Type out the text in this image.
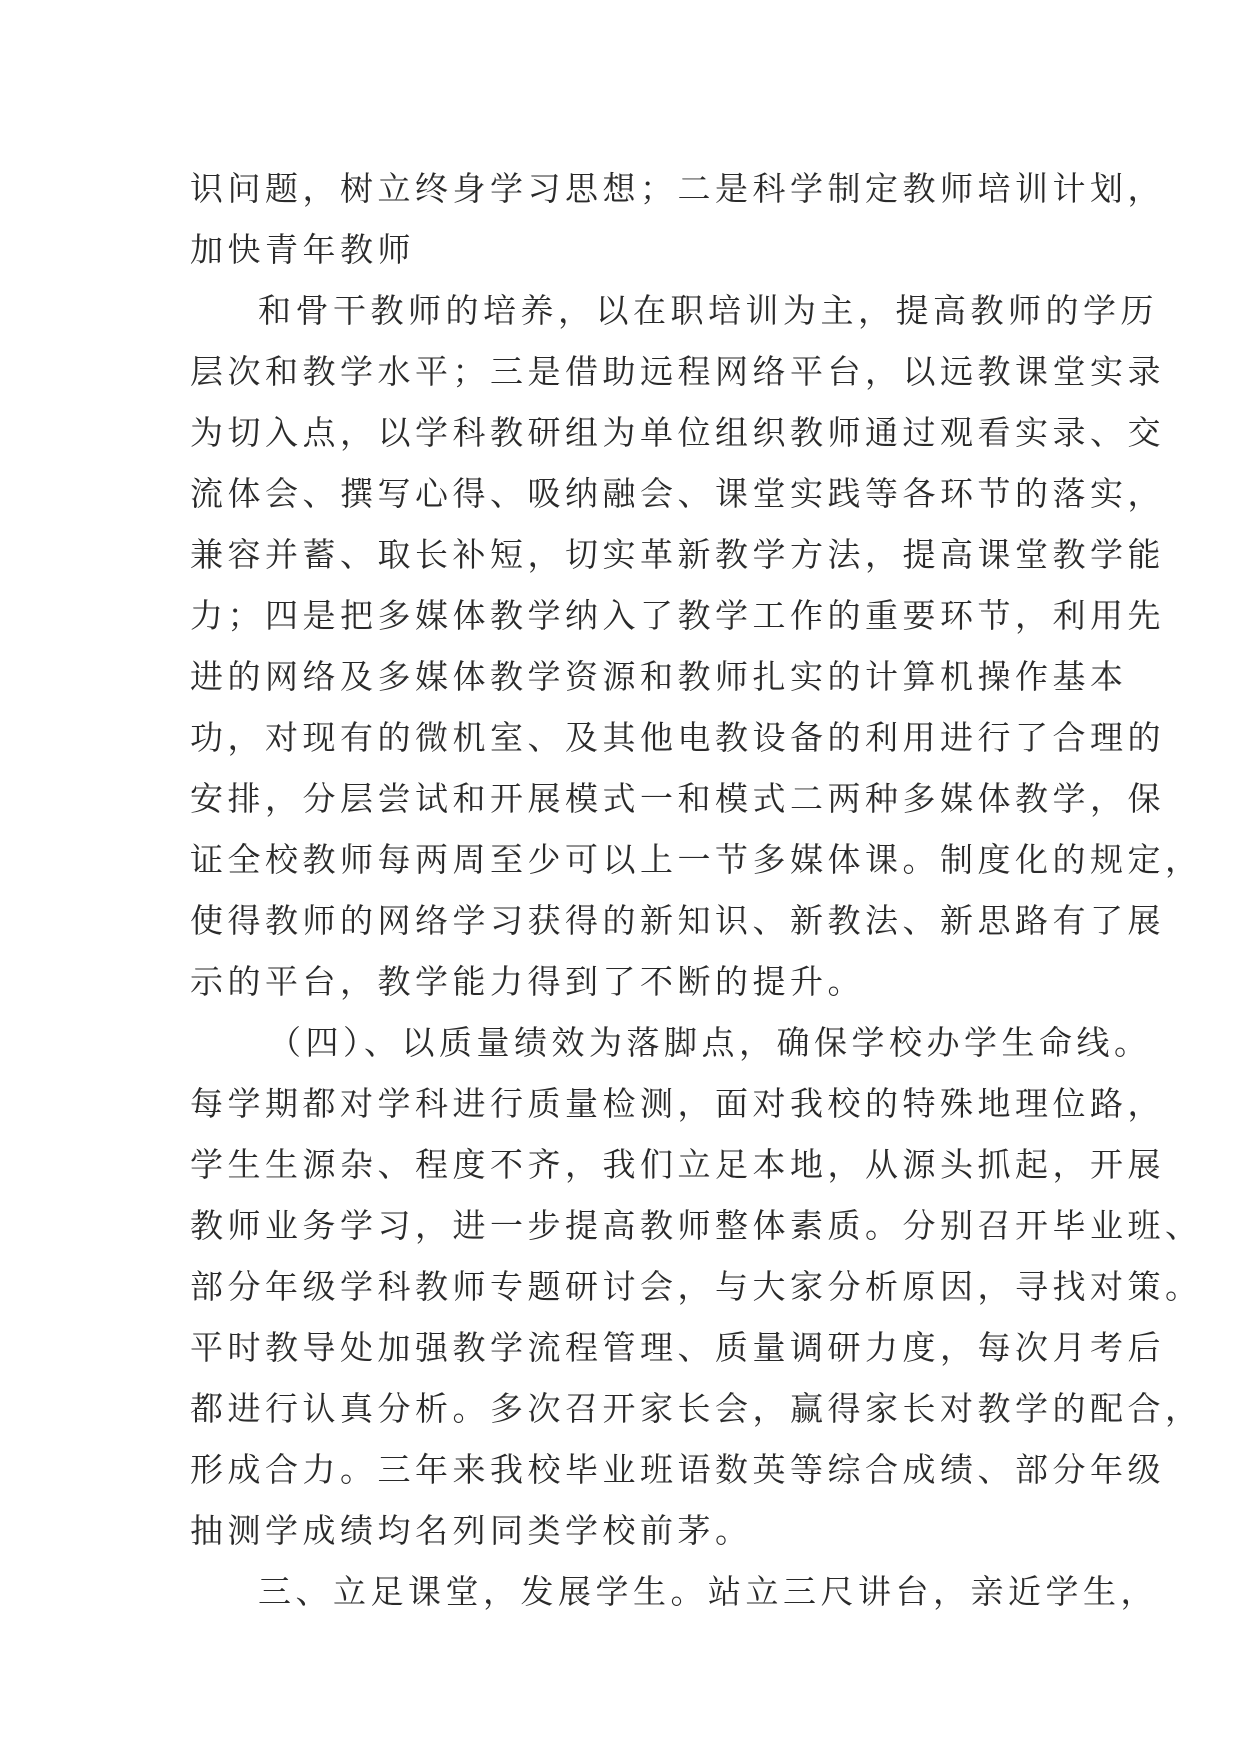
识问题，树立终身学习思想；二是科学制定教师培训计划，
加快青年教师
和骨干教师的培养，以在职培训为主，提高教师的学历
层次和教学水平；三是借助远程网络平台，以远教课堂实录
为切入点，以学科教研组为单位组织教师通过观看实录、交
流体会、撰写心得、吸纳融会、课堂实践等各环节的落实，
兼容并蓄、取长补短，切实革新教学方法，提高课堂教学能
力；四是把多媒体教学纳入了教学工作的重要环节，利用先
进的网络及多媒体教学资源和教师扎实的计算机操作基本
功，对现有的微机室、及其他电教设备的利用进行了合理的
安排，分层尝试和开展模式一和模式二两种多媒体教学，保
证全校教师每两周至少可以上一节多媒体课。制度化的规定，
使得教师的网络学习获得的新知识、新教法、新思路有了展
示的平台，教学能力得到了不断的提升。
（四）、以质量绩效为落脚点，确保学校办学生命线。
每学期都对学科进行质量检测，面对我校的特殊地理位路，
学生生源杂、程度不齐，我们立足本地，从源头抓起，开展
教师业务学习，进一步提高教师整体素质。分别召开毕业班、
部分年级学科教师专题研讨会，与大家分析原因，寻找对策。
平时教导处加强教学流程管理、质量调研力度，每次月考后
都进行认真分析。多次召开家长会，赢得家长对教学的配合，
形成合力。三年来我校毕业班语数英等综合成绩、部分年级
抽测学成绩均名列同类学校前茅。
三、立足课堂，发展学生。站立三尺讲台，亲近学生，
